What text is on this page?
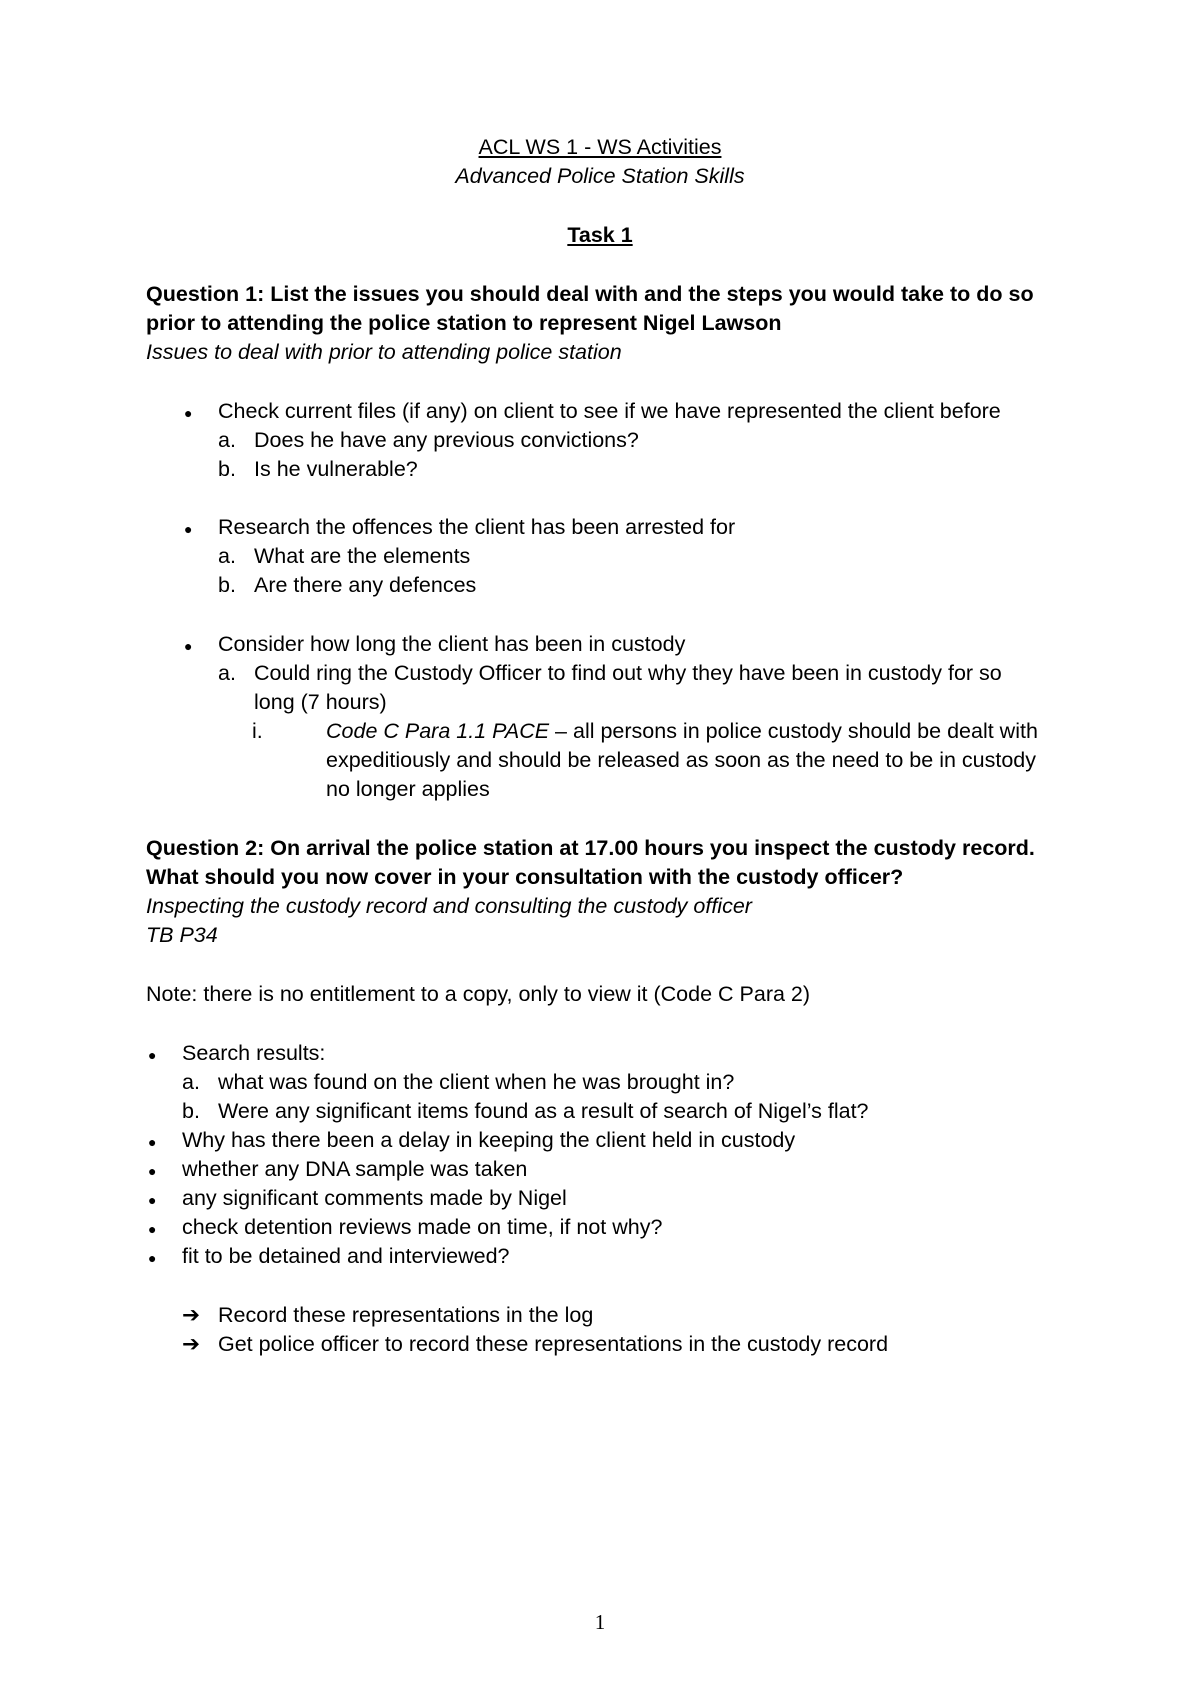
ACL WS 1 - WS Activities
Advanced Police Station Skills
Task 1
Question 1: List the issues you should deal with and the steps you would take to do so
prior to attending the police station to represent Nigel Lawson
Issues to deal with prior to attending police station
● Check current files (if any) on client to see if we have represented the client before
a. Does he have any previous convictions?
b. Is he vulnerable?
● Research the offences the client has been arrested for
a. What are the elements
b. Are there any defences
● Consider how long the client has been in custody
a. Could ring the Custody Officer to find out why they have been in custody for so
long (7 hours)
i.	Code C Para 1.1 PACE – all persons in police custody should be dealt with
expeditiously and should be released as soon as the need to be in custody
no longer applies
Question 2: On arrival the police station at 17.00 hours you inspect the custody record.
What should you now cover in your consultation with the custody officer?
Inspecting the custody record and consulting the custody officer
TB P34
Note: there is no entitlement to a copy, only to view it (Code C Para 2)
● Search results:
a. what was found on the client when he was brought in?
b. Were any significant items found as a result of search of Nigel’s flat?
● Why has there been a delay in keeping the client held in custody
● whether any DNA sample was taken
● any significant comments made by Nigel
● check detention reviews made on time, if not why?
● fit to be detained and interviewed?
➔ Record these representations in the log
➔ Get police officer to record these representations in the custody record
1
